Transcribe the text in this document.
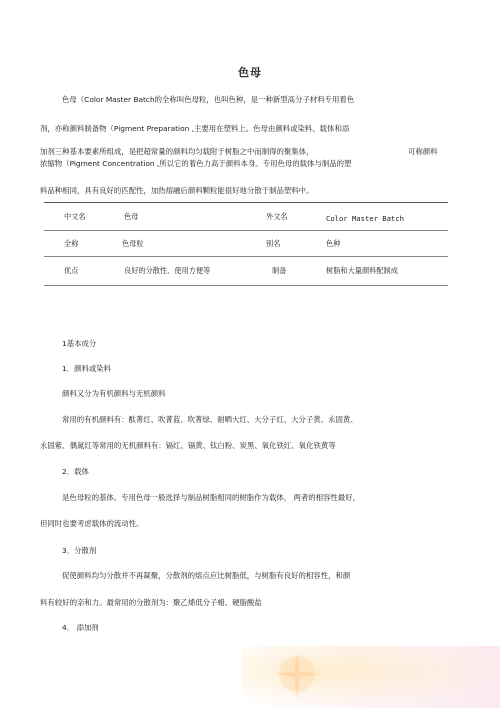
色母
色母（Color Master Batch的全称叫色母粒，也叫色种，是一种新型高分子材料专用着色
剂，亦称颜料制备物（Pigment Preparation ,主要用在塑料上。色母由颜料或染料、载体和添
加剂三种基本要素所组成，是把超常量的颜料均匀载附于树脂之中而制得的聚集体，	可称颜料
浓缩物（Pigment Concentration ,所以它的着色力高于颜料本身。专用色母的载体与制品的塑
料品种相同，具有良好的匹配性，加热熔融后颜料颗粒能很好地分散于制品塑料中。
中文名	色母	外文名	Color Master Batch
全称	色母粒	别名	色种
优点	良好的分散性、使用方便等	制备	树脂和大量颜料配制成
1基本成分
1．颜料或染料
颜料又分为有机颜料与无机颜料
常用的有机颜料有：酞菁红、吹菁蓝、吹菁绿、耐晒大红、大分子红、大分子黄、永固黄、
永固紫、偶氮红等常用的无机颜料有：镉红、镉黄、钛白粉、炭黑、氧化铁红、氧化铁黄等
2．载体
是色母粒的基体。专用色母一般选择与制品树脂相同的树脂作为载体， 两者的相容性最好，
但同时也要考虑载体的流动性。
3．分散剂
促使颜料均匀分散并不再凝聚，分散剂的熔点应比树脂低，与树脂有良好的相容性，和颜
料有较好的亲和力。最常用的分散剂为：聚乙烯低分子蜡、硬脂酸盐
4． 添加剂
